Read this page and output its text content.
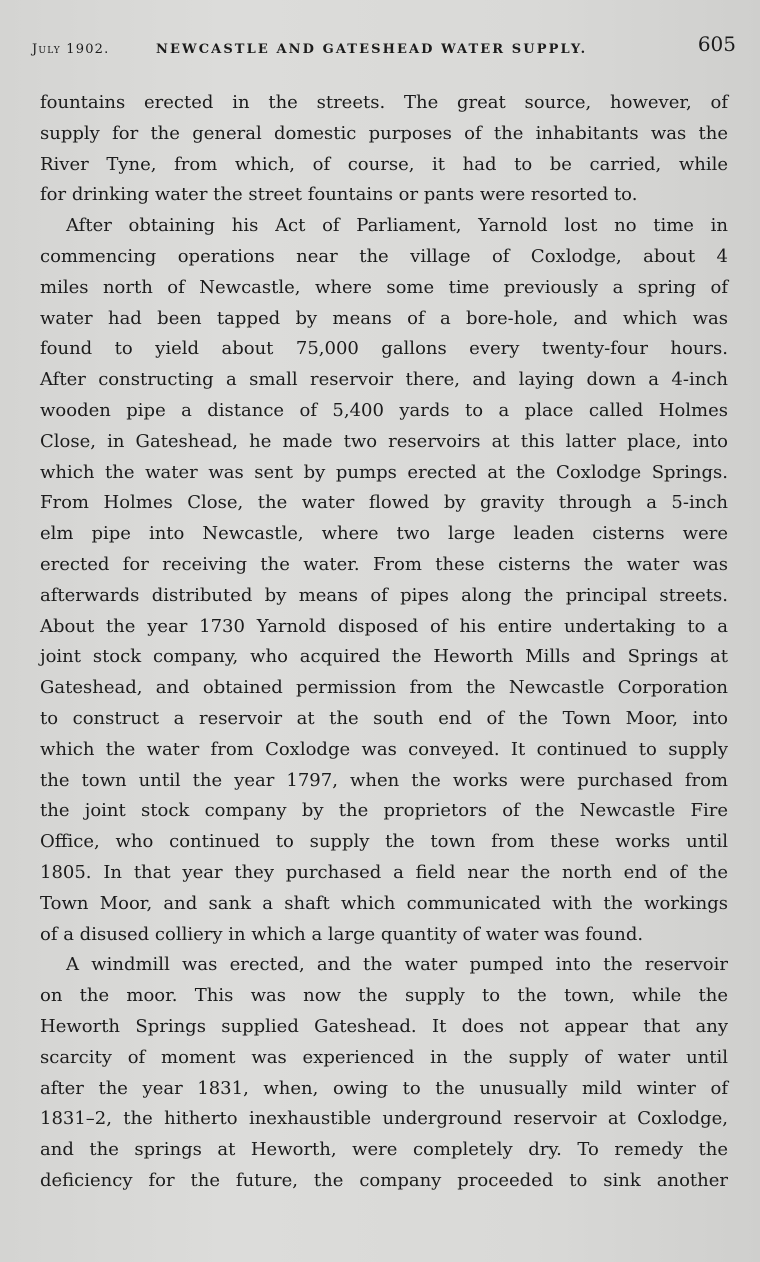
July 1902.	NEWCASTLE AND GATESHEAD WATER SUPPLY.	605
fountains erected in the streets. The great source, however, of
supply for the general domestic purposes of the inhabitants was the
River Tyne, from which, of course, it had to be carried, while
for drinking water the street fountains or pants were resorted to.
After obtaining his Act of Parliament, Yarnold lost no time in
commencing operations near the village of Coxlodge, about 4
miles north of Newcastle, where some time previously a spring of
water had been tapped by means of a bore-hole, and which was
found to yield about 75,000 gallons every twenty-four hours.
After constructing a small reservoir there, and laying down a 4-inch
wooden pipe a distance of 5,400 yards to a place called Holmes
Close, in Gateshead, he made two reservoirs at this latter place, into
which the water was sent by pumps erected at the Coxlodge Springs.
From Holmes Close, the water flowed by gravity through a 5-inch
elm pipe into Newcastle, where two large leaden cisterns were
erected for receiving the water. From these cisterns the water was
afterwards distributed by means of pipes along the principal streets.
About the year 1730 Yarnold disposed of his entire undertaking to a
joint stock company, who acquired the Heworth Mills and Springs at
Gateshead, and obtained permission from the Newcastle Corporation
to construct a reservoir at the south end of the Town Moor, into
which the water from Coxlodge was conveyed. It continued to supply
the town until the year 1797, when the works were purchased from
the joint stock company by the proprietors of the Newcastle Fire
Office, who continued to supply the town from these works until
1805. In that year they purchased a field near the north end of the
Town Moor, and sank a shaft which communicated with the workings
of a disused colliery in which a large quantity of water was found.
A windmill was erected, and the water pumped into the reservoir
on the moor. This was now the supply to the town, while the
Heworth Springs supplied Gateshead. It does not appear that any
scarcity of moment was experienced in the supply of water until
after the year 1831, when, owing to the unusually mild winter of
1831–2, the hitherto inexhaustible underground reservoir at Coxlodge,
and the springs at Heworth, were completely dry. To remedy the
deficiency for the future, the company proceeded to sink another
